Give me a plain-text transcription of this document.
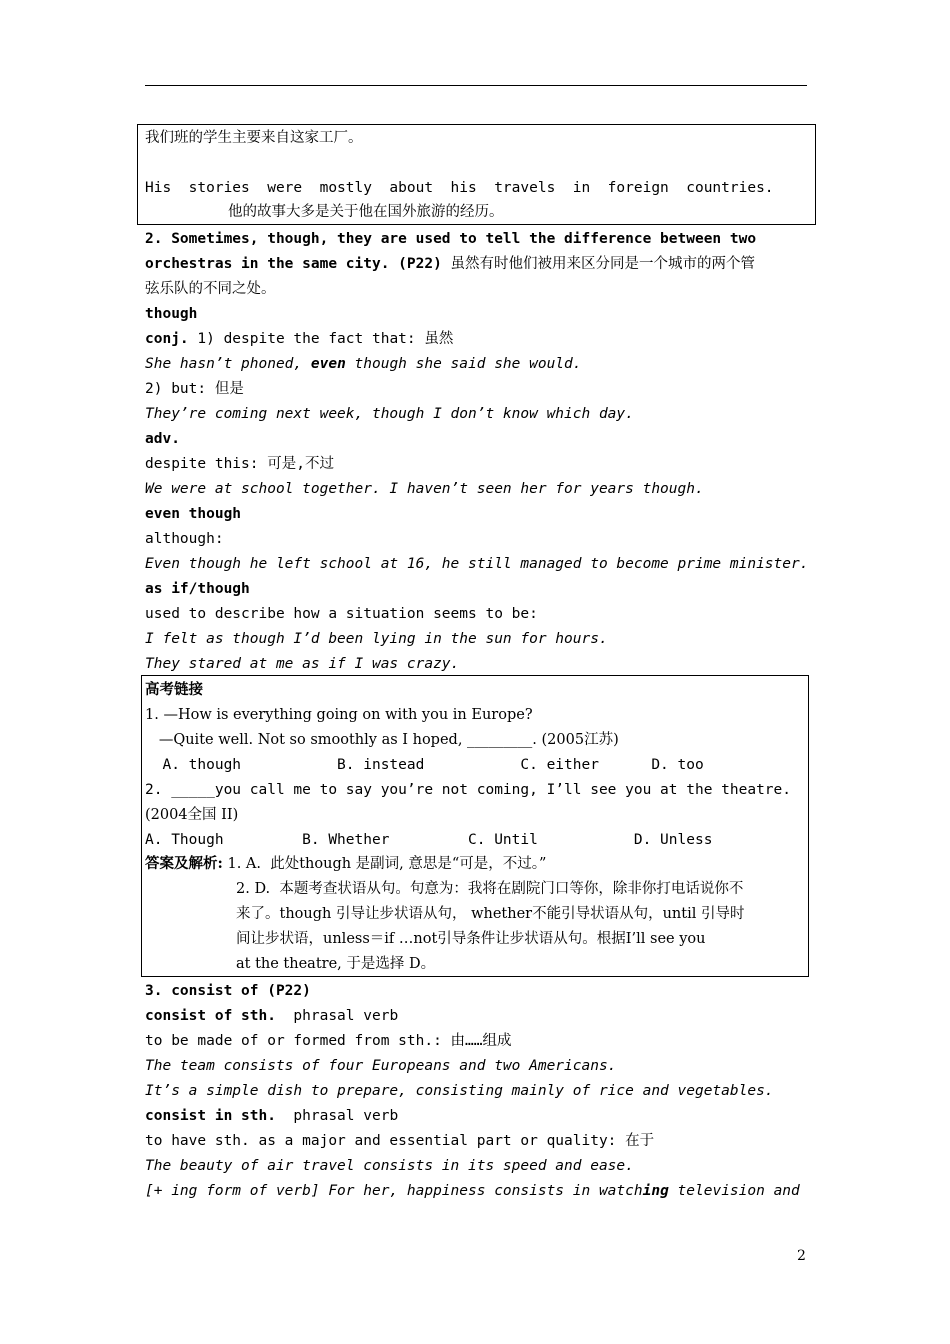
我们班的学生主要来自这家工厂。
His  stories  were  mostly  about  his  travels  in  foreign  countries.
他的故事大多是关于他在国外旅游的经历。
2. Sometimes, though, they are used to tell the difference between two
orchestras in the same city. (P22) 虽然有时他们被用来区分同是一个城市的两个管
弦乐队的不同之处。
though
conj. 1) despite the fact that: 虽然
She hasn’t phoned, even though she said she would.
2) but: 但是
They’re coming next week, though I don’t know which day.
adv.
despite this: 可是,不过
We were at school together. I haven’t seen her for years though.
even though
although:
Even though he left school at 16, he still managed to become prime minister.
as if/though
used to describe how a situation seems to be:
I felt as though I’d been lying in the sun for hours.
They stared at me as if I was crazy.
高考链接
1. —How is everything going on with you in Europe?
—Quite well. Not so smoothly as I hoped, _________. (2005江苏)
A. though           B. instead           C. either      D. too
2. _____you call me to say you’re not coming, I’ll see you at the theatre.
(2004全国 II)
A. Though         B. Whether         C. Until           D. Unless
答案及解析: 1. A.  此处though 是副词, 意思是“可是，不过。”
2. D.  本题考查状语从句。句意为：我将在剧院门口等你，除非你打电话说你不
来了。though 引导让步状语从句， whether不能引导状语从句，until 引导时
间让步状语，unless＝if …not引导条件让步状语从句。根据I’ll see you
at the theatre, 于是选择 D。
3. consist of (P22)
consist of sth.  phrasal verb
to be made of or formed from sth.: 由……组成
The team consists of four Europeans and two Americans.
It’s a simple dish to prepare, consisting mainly of rice and vegetables.
consist in sth.  phrasal verb
to have sth. as a major and essential part or quality: 在于
The beauty of air travel consists in its speed and ease.
[+ ing form of verb] For her, happiness consists in watching television and
2
